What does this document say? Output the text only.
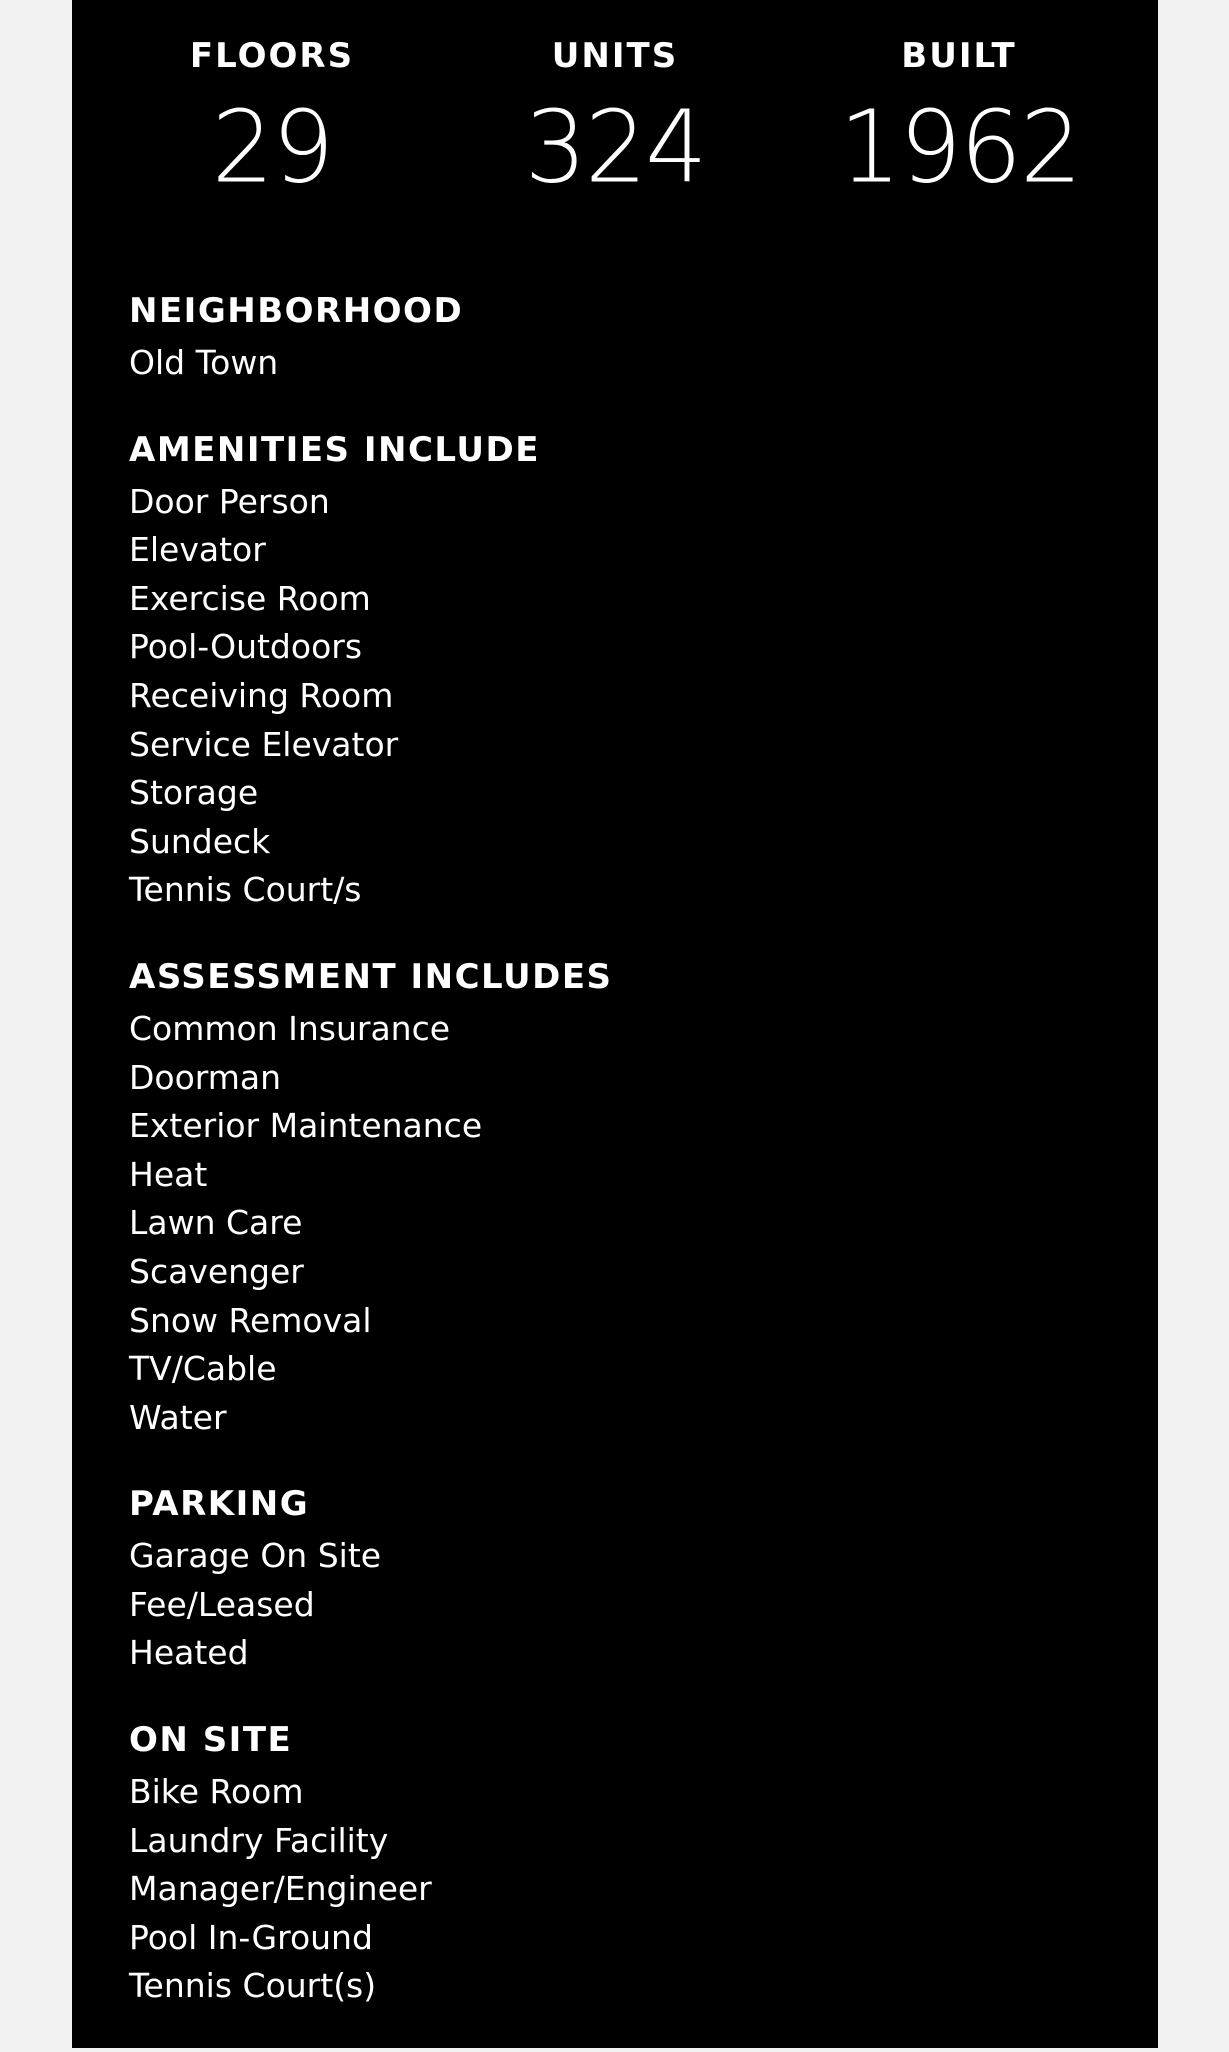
FLOORS
29
UNITS
324
BUILT
1962
NEIGHBORHOOD
Old Town
AMENITIES INCLUDE
Door Person
Elevator
Exercise Room
Pool-Outdoors
Receiving Room
Service Elevator
Storage
Sundeck
Tennis Court/s
ASSESSMENT INCLUDES
Common Insurance
Doorman
Exterior Maintenance
Heat
Lawn Care
Scavenger
Snow Removal
TV/Cable
Water
PARKING
Garage On Site
Fee/Leased
Heated
ON SITE
Bike Room
Laundry Facility
Manager/Engineer
Pool In-Ground
Tennis Court(s)
